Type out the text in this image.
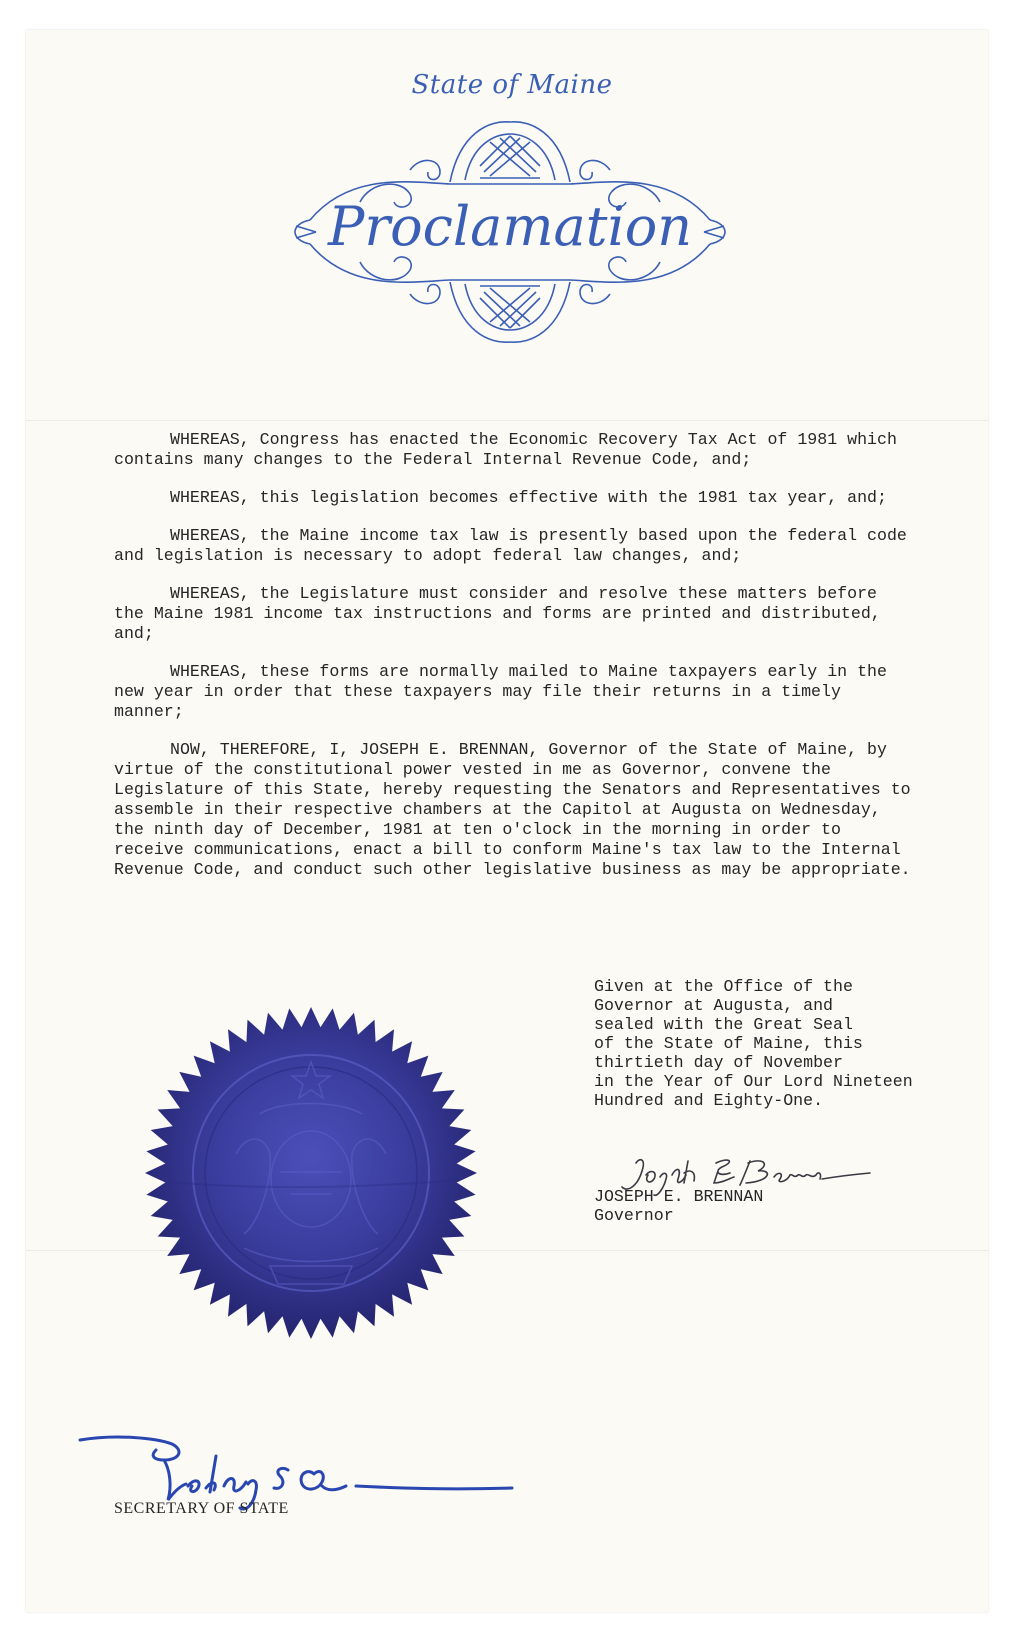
State of Maine
Proclamation

WHEREAS, Congress has enacted the Economic Recovery Tax Act of 1981 which contains many changes to the Federal Internal Revenue Code, and;

WHEREAS, this legislation becomes effective with the 1981 tax year, and;

WHEREAS, the Maine income tax law is presently based upon the federal code and legislation is necessary to adopt federal law changes, and;

WHEREAS, the Legislature must consider and resolve these matters before the Maine 1981 income tax instructions and forms are printed and distributed, and;

WHEREAS, these forms are normally mailed to Maine taxpayers early in the new year in order that these taxpayers may file their returns in a timely manner;

NOW, THEREFORE, I, JOSEPH E. BRENNAN, Governor of the State of Maine, by virtue of the constitutional power vested in me as Governor, convene the Legislature of this State, hereby requesting the Senators and Representatives to assemble in their respective chambers at the Capitol at Augusta on Wednesday, the ninth day of December, 1981 at ten o'clock in the morning in order to receive communications, enact a bill to conform Maine's tax law to the Internal Revenue Code, and conduct such other legislative business as may be appropriate.

Given at the Office of the
Governor at Augusta, and
sealed with the Great Seal
of the State of Maine, this
thirtieth day of November
in the Year of Our Lord Nineteen
Hundred and Eighty-One.
JOSEPH E. BRENNAN
Governor
SECRETARY OF STATE
